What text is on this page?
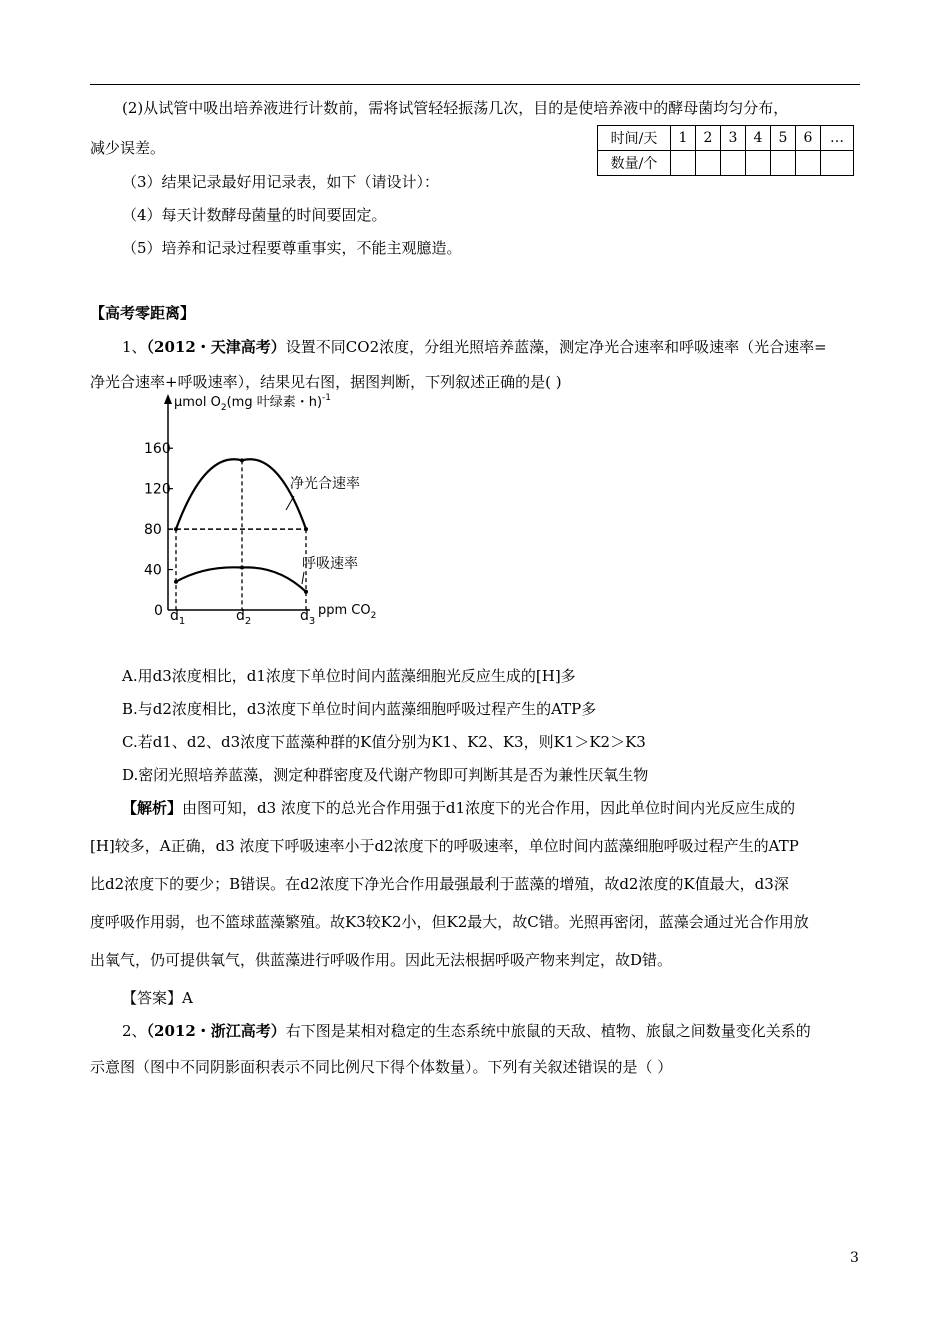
(2)从试管中吸出培养液进行计数前，需将试管轻轻振荡几次，目的是使培养液中的酵母菌均匀分布，
减少误差。
（3）结果记录最好用记录表，如下（请设计）：
（4）每天计数酵母菌量的时间要固定。
（5）培养和记录过程要尊重事实，不能主观臆造。
时间/天	1	2	3	4	5	6	…
数量/个							
【高考零距离】
1、（2012・天津高考）设置不同CO2浓度，分组光照培养蓝藻，测定净光合速率和呼吸速率（光合速率=
净光合速率+呼吸速率），结果见右图，据图判断，下列叙述正确的是( )
μmol $O_2(mg$ 叶绿素・h)$^{-1}$
ppm $CO_2$
0
40
80
120
160
$d_1$	$d_2$	$d_3$
净光合速率
呼吸速率
A.用d3浓度相比，d1浓度下单位时间内蓝藻细胞光反应生成的[H]多
B.与d2浓度相比，d3浓度下单位时间内蓝藻细胞呼吸过程产生的ATP多
C.若d1、d2、d3浓度下蓝藻种群的K值分别为K1、K2、K3，则K1＞K2＞K3
D.密闭光照培养蓝藻，测定种群密度及代谢产物即可判断其是否为兼性厌氧生物
【解析】由图可知，d3 浓度下的总光合作用强于d1浓度下的光合作用，因此单位时间内光反应生成的
[H]较多，A正确，d3 浓度下呼吸速率小于d2浓度下的呼吸速率，单位时间内蓝藻细胞呼吸过程产生的ATP
比d2浓度下的要少；B错误。在d2浓度下净光合作用最强最利于蓝藻的增殖，故d2浓度的K值最大，d3深
度呼吸作用弱，也不篮球蓝藻繁殖。故K3较K2小，但K2最大，故C错。光照再密闭，蓝藻会通过光合作用放
出氧气，仍可提供氧气，供蓝藻进行呼吸作用。因此无法根据呼吸产物来判定，故D错。
【答案】A
2、（2012・浙江高考）右下图是某相对稳定的生态系统中旅鼠的天敌、植物、旅鼠之间数量变化关系的
示意图（图中不同阴影面积表示不同比例尺下得个体数量）。下列有关叙述错误的是（ ）
3
